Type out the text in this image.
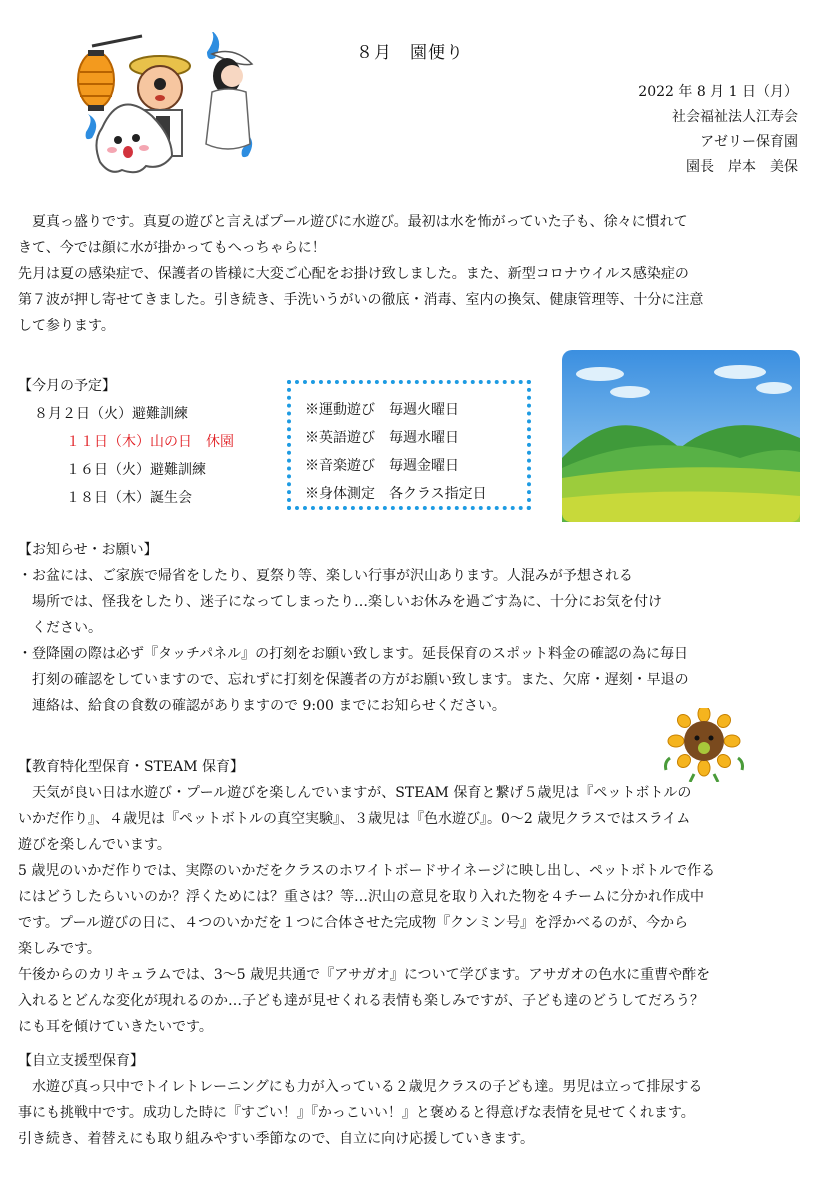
８月　園便り
2022 年 8 月 1 日（月）
社会福祉法人江寿会
アゼリー保育園
園長　岸本　美保
　夏真っ盛りです。真夏の遊びと言えばプール遊びに水遊び。最初は水を怖がっていた子も、徐々に慣れて
きて、今では顔に水が掛かってもへっちゃらに！
先月は夏の感染症で、保護者の皆様に大変ご心配をお掛け致しました。また、新型コロナウイルス感染症の
第７波が押し寄せてきました。引き続き、手洗いうがいの徹底・消毒、室内の換気、健康管理等、十分に注意
して参ります。
【今月の予定】
８月２日（火）避難訓練
１１日（木）山の日　休園
１６日（火）避難訓練
１８日（木）誕生会
※運動遊び　毎週火曜日
※英語遊び　毎週水曜日
※音楽遊び　毎週金曜日
※身体測定　各クラス指定日
【お知らせ・お願い】
・お盆には、ご家族で帰省をしたり、夏祭り等、楽しい行事が沢山あります。人混みが予想される
場所では、怪我をしたり、迷子になってしまったり…楽しいお休みを過ごす為に、十分にお気を付け
ください。
・登降園の際は必ず『タッチパネル』の打刻をお願い致します。延長保育のスポット料金の確認の為に毎日
打刻の確認をしていますので、忘れずに打刻を保護者の方がお願い致します。また、欠席・遅刻・早退の
連絡は、給食の食数の確認がありますので 9:00 までにお知らせください。
【教育特化型保育・STEAM 保育】
　天気が良い日は水遊び・プール遊びを楽しんでいますが、STEAM 保育と繋げ５歳児は『ペットボトルの
いかだ作り』、４歳児は『ペットボトルの真空実験』、３歳児は『色水遊び』。0〜2 歳児クラスではスライム
遊びを楽しんでいます。
5 歳児のいかだ作りでは、実際のいかだをクラスのホワイトボードサイネージに映し出し、ペットボトルで作る
にはどうしたらいいのか？浮くためには？重さは？等…沢山の意見を取り入れた物を４チームに分かれ作成中
です。プール遊びの日に、４つのいかだを１つに合体させた完成物『クンミン号』を浮かべるのが、今から
楽しみです。
午後からのカリキュラムでは、3〜5 歳児共通で『アサガオ』について学びます。アサガオの色水に重曹や酢を
入れるとどんな変化が現れるのか…子ども達が見せくれる表情も楽しみですが、子ども達のどうしてだろう？
にも耳を傾けていきたいです。
【自立支援型保育】
　水遊び真っ只中でトイレトレーニングにも力が入っている２歳児クラスの子ども達。男児は立って排尿する
事にも挑戦中です。成功した時に『すごい！』『かっこいい！』と褒めると得意げな表情を見せてくれます。
引き続き、着替えにも取り組みやすい季節なので、自立に向け応援していきます。
